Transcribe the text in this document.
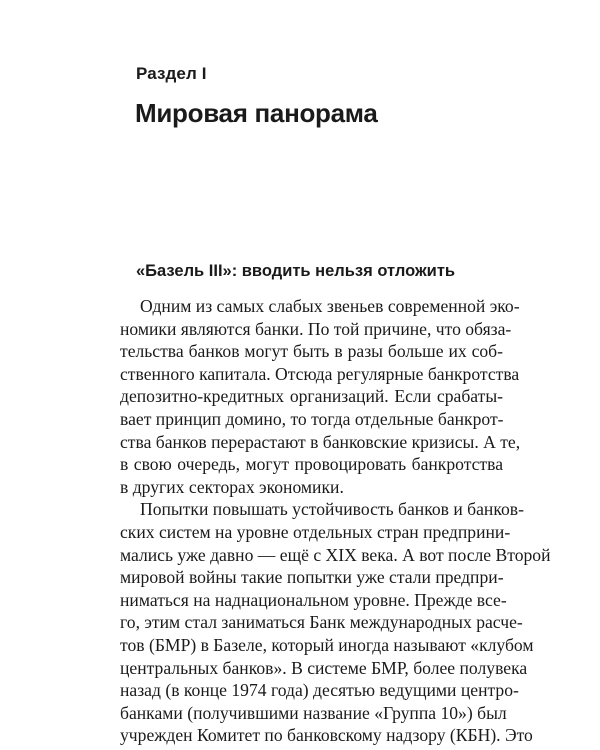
Раздел I
Мировая панорама
«Базель III»: вводить нельзя отложить
Одним из самых слабых звеньев современной эко-
номики являются банки. По той причине, что обяза-
тельства банков могут быть в разы больше их соб-
ственного капитала. Отсюда регулярные банкротства
депозитно-кредитных организаций. Если срабаты-
вает принцип домино, то тогда отдельные банкрот-
ства банков перерастают в банковские кризисы. А те,
в свою очередь, могут провоцировать банкротства
в других секторах экономики.
Попытки повышать устойчивость банков и банков-
ских систем на уровне отдельных стран предприни-
мались уже давно — ещё с XIX века. А вот после Второй
мировой войны такие попытки уже стали предпри-
ниматься на наднациональном уровне. Прежде все-
го, этим стал заниматься Банк международных расче-
тов (БМР) в Базеле, который иногда называют «клубом
центральных банков». В системе БМР, более полувека
назад (в конце 1974 года) десятью ведущими центро-
банками (получившими название «Группа 10») был
учрежден Комитет по банковскому надзору (КБН). Это
